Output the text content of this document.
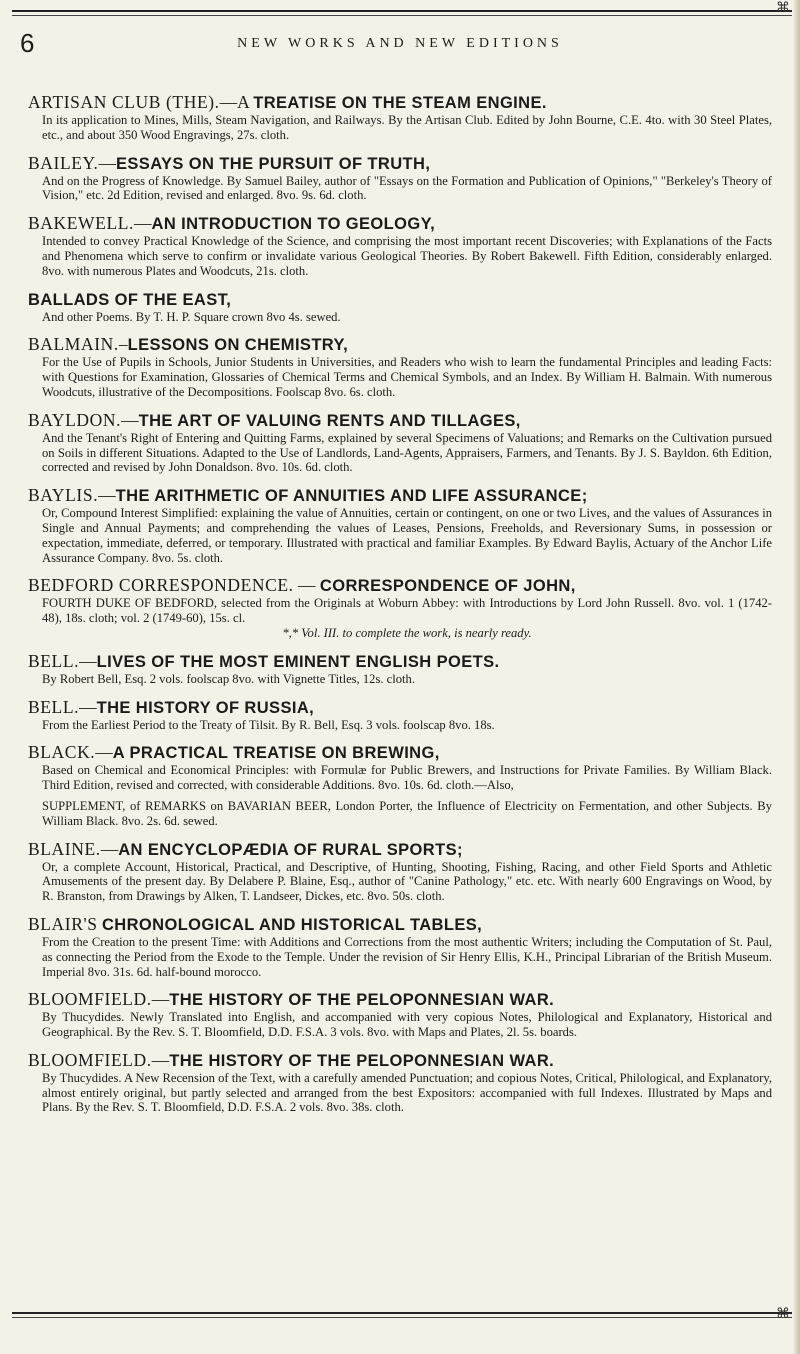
⌘
6	NEW WORKS AND NEW EDITIONS
ARTISAN CLUB (THE).—A TREATISE ON THE STEAM ENGINE.
In its application to Mines, Mills, Steam Navigation, and Railways. By the Artisan Club. Edited by John Bourne, C.E. 4to. with 30 Steel Plates, etc., and about 350 Wood Engravings, 27s. cloth.
BAILEY.—ESSAYS ON THE PURSUIT OF TRUTH,
And on the Progress of Knowledge. By Samuel Bailey, author of "Essays on the Formation and Publication of Opinions," "Berkeley's Theory of Vision," etc. 2d Edition, revised and enlarged. 8vo. 9s. 6d. cloth.
BAKEWELL.—AN INTRODUCTION TO GEOLOGY,
Intended to convey Practical Knowledge of the Science, and comprising the most important recent Discoveries; with Explanations of the Facts and Phenomena which serve to confirm or invalidate various Geological Theories. By Robert Bakewell. Fifth Edition, considerably enlarged. 8vo. with numerous Plates and Woodcuts, 21s. cloth.
BALLADS OF THE EAST,
And other Poems. By T. H. P. Square crown 8vo 4s. sewed.
BALMAIN.–LESSONS ON CHEMISTRY,
For the Use of Pupils in Schools, Junior Students in Universities, and Readers who wish to learn the fundamental Principles and leading Facts: with Questions for Examination, Glossaries of Chemical Terms and Chemical Symbols, and an Index. By William H. Balmain. With numerous Woodcuts, illustrative of the Decompositions. Foolscap 8vo. 6s. cloth.
BAYLDON.—THE ART OF VALUING RENTS AND TILLAGES,
And the Tenant's Right of Entering and Quitting Farms, explained by several Specimens of Valuations; and Remarks on the Cultivation pursued on Soils in different Situations. Adapted to the Use of Landlords, Land-Agents, Appraisers, Farmers, and Tenants. By J. S. Bayldon. 6th Edition, corrected and revised by John Donaldson. 8vo. 10s. 6d. cloth.
BAYLIS.—THE ARITHMETIC OF ANNUITIES AND LIFE ASSURANCE;
Or, Compound Interest Simplified: explaining the value of Annuities, certain or contingent, on one or two Lives, and the values of Assurances in Single and Annual Payments; and comprehending the values of Leases, Pensions, Freeholds, and Reversionary Sums, in possession or expectation, immediate, deferred, or temporary. Illustrated with practical and familiar Examples. By Edward Baylis, Actuary of the Anchor Life Assurance Company. 8vo. 5s. cloth.
BEDFORD CORRESPONDENCE. — CORRESPONDENCE OF JOHN,
FOURTH DUKE OF BEDFORD, selected from the Originals at Woburn Abbey: with Introductions by Lord John Russell. 8vo. vol. 1 (1742-48), 18s. cloth; vol. 2 (1749-60), 15s. cl.
*,* Vol. III. to complete the work, is nearly ready.
BELL.—LIVES OF THE MOST EMINENT ENGLISH POETS.
By Robert Bell, Esq. 2 vols. foolscap 8vo. with Vignette Titles, 12s. cloth.
BELL.—THE HISTORY OF RUSSIA,
From the Earliest Period to the Treaty of Tilsit. By R. Bell, Esq. 3 vols. foolscap 8vo. 18s.
BLACK.—A PRACTICAL TREATISE ON BREWING,
Based on Chemical and Economical Principles: with Formulæ for Public Brewers, and Instructions for Private Families. By William Black. Third Edition, revised and corrected, with considerable Additions. 8vo. 10s. 6d. cloth.—Also,
SUPPLEMENT, of REMARKS on BAVARIAN BEER, London Porter, the Influence of Electricity on Fermentation, and other Subjects. By William Black. 8vo. 2s. 6d. sewed.
BLAINE.—AN ENCYCLOPÆDIA OF RURAL SPORTS;
Or, a complete Account, Historical, Practical, and Descriptive, of Hunting, Shooting, Fishing, Racing, and other Field Sports and Athletic Amusements of the present day. By Delabere P. Blaine, Esq., author of "Canine Pathology," etc. etc. With nearly 600 Engravings on Wood, by R. Branston, from Drawings by Alken, T. Landseer, Dickes, etc. 8vo. 50s. cloth.
BLAIR'S CHRONOLOGICAL AND HISTORICAL TABLES,
From the Creation to the present Time: with Additions and Corrections from the most authentic Writers; including the Computation of St. Paul, as connecting the Period from the Exode to the Temple. Under the revision of Sir Henry Ellis, K.H., Principal Librarian of the British Museum. Imperial 8vo. 31s. 6d. half-bound morocco.
BLOOMFIELD.—THE HISTORY OF THE PELOPONNESIAN WAR.
By Thucydides. Newly Translated into English, and accompanied with very copious Notes, Philological and Explanatory, Historical and Geographical. By the Rev. S. T. Bloomfield, D.D. F.S.A. 3 vols. 8vo. with Maps and Plates, 2l. 5s. boards.
BLOOMFIELD.—THE HISTORY OF THE PELOPONNESIAN WAR.
By Thucydides. A New Recension of the Text, with a carefully amended Punctuation; and copious Notes, Critical, Philological, and Explanatory, almost entirely original, but partly selected and arranged from the best Expositors: accompanied with full Indexes. Illustrated by Maps and Plans. By the Rev. S. T. Bloomfield, D.D. F.S.A. 2 vols. 8vo. 38s. cloth.
⌘
